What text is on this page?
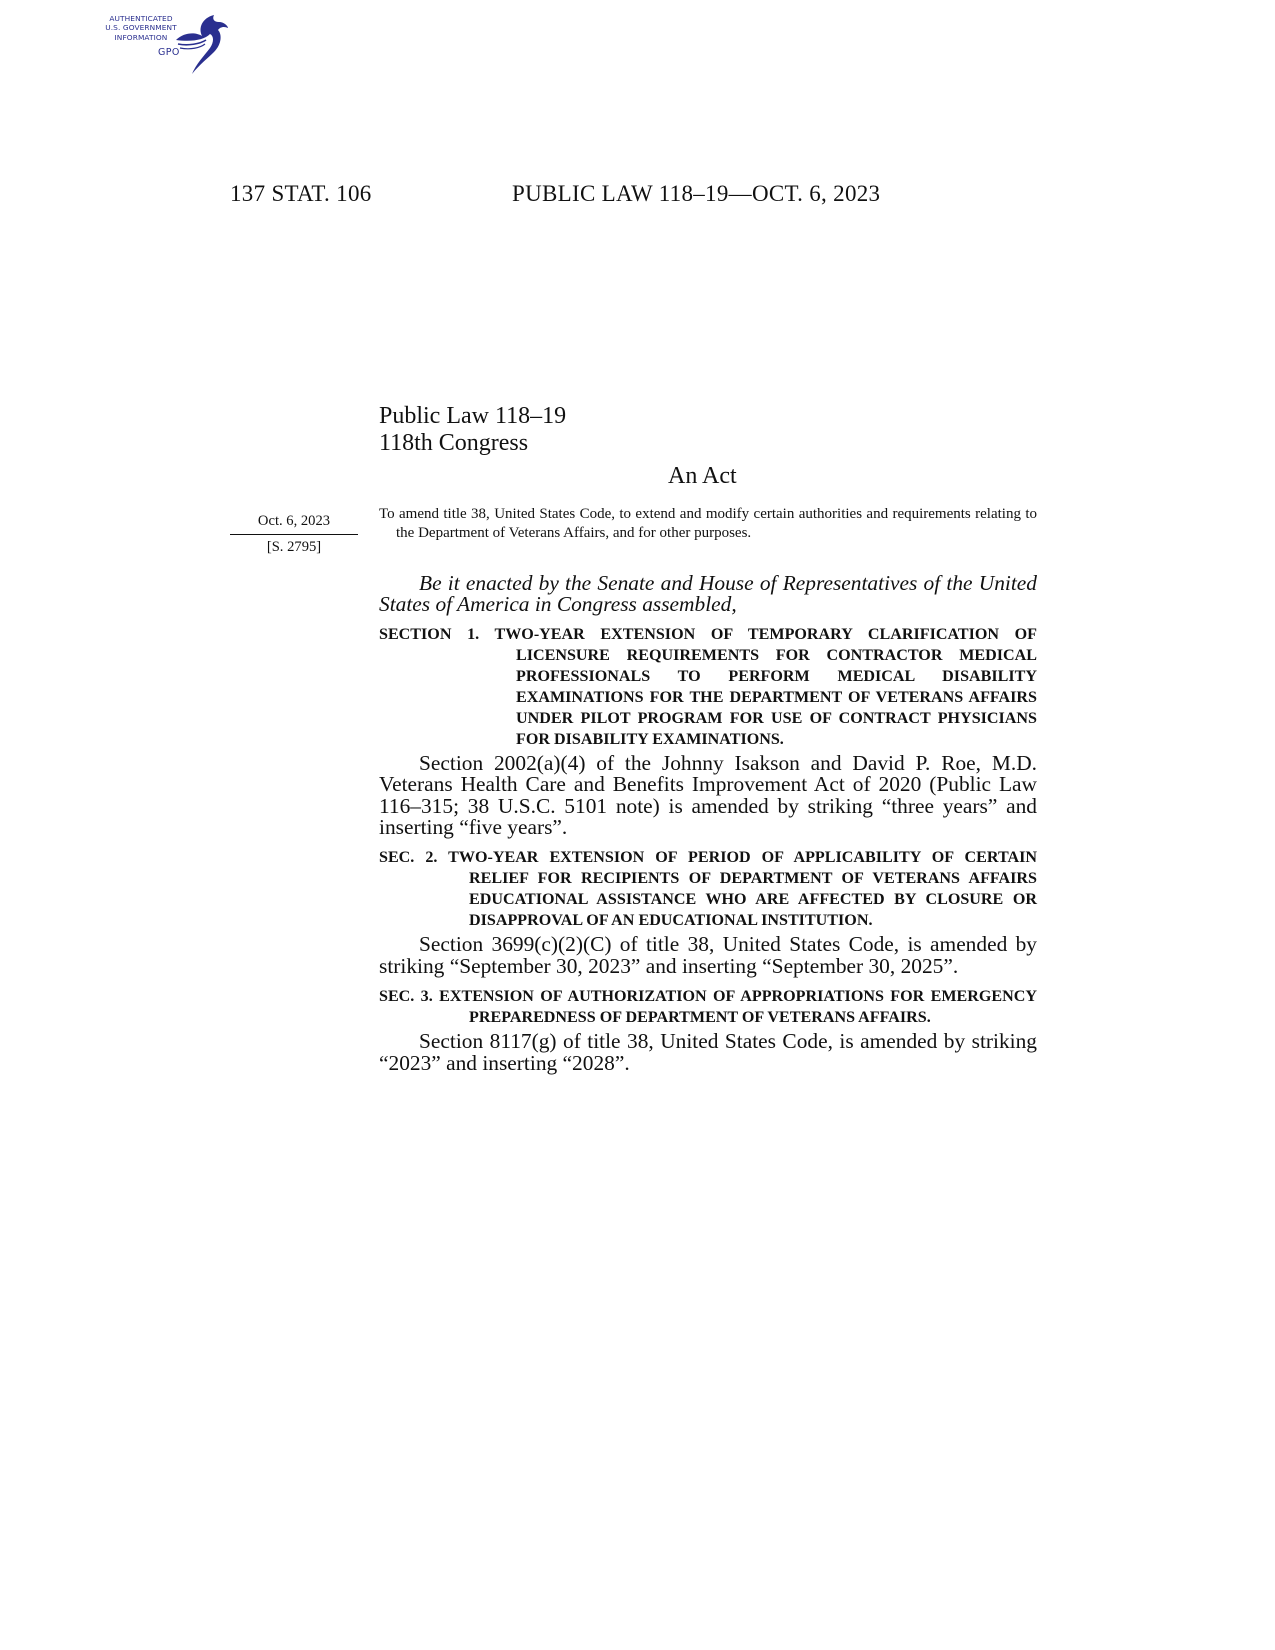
AUTHENTICATED
U.S. GOVERNMENT
INFORMATION
GPO
137 STAT. 106	PUBLIC LAW 118–19—OCT. 6, 2023
Public Law 118–19
118th Congress
An Act
Oct. 6, 2023
[S. 2795]

To amend title 38, United States Code, to extend and modify certain authorities and requirements relating to the Department of Veterans Affairs, and for other purposes.

Be it enacted by the Senate and House of Representatives of the United States of America in Congress assembled,

SECTION 1. TWO-YEAR EXTENSION OF TEMPORARY CLARIFICATION OF LICENSURE REQUIREMENTS FOR CONTRACTOR MEDICAL PROFESSIONALS TO PERFORM MEDICAL DISABILITY EXAMINATIONS FOR THE DEPARTMENT OF VETERANS AFFAIRS UNDER PILOT PROGRAM FOR USE OF CONTRACT PHYSICIANS FOR DISABILITY EXAMINATIONS.

Section 2002(a)(4) of the Johnny Isakson and David P. Roe, M.D. Veterans Health Care and Benefits Improvement Act of 2020 (Public Law 116–315; 38 U.S.C. 5101 note) is amended by striking “three years” and inserting “five years”.

SEC. 2. TWO-YEAR EXTENSION OF PERIOD OF APPLICABILITY OF CERTAIN RELIEF FOR RECIPIENTS OF DEPARTMENT OF VETERANS AFFAIRS EDUCATIONAL ASSISTANCE WHO ARE AFFECTED BY CLOSURE OR DISAPPROVAL OF AN EDUCATIONAL INSTITUTION.

Section 3699(c)(2)(C) of title 38, United States Code, is amended by striking “September 30, 2023” and inserting “September 30, 2025”.

SEC. 3. EXTENSION OF AUTHORIZATION OF APPROPRIATIONS FOR EMERGENCY PREPAREDNESS OF DEPARTMENT OF VETERANS AFFAIRS.

Section 8117(g) of title 38, United States Code, is amended by striking “2023” and inserting “2028”.
